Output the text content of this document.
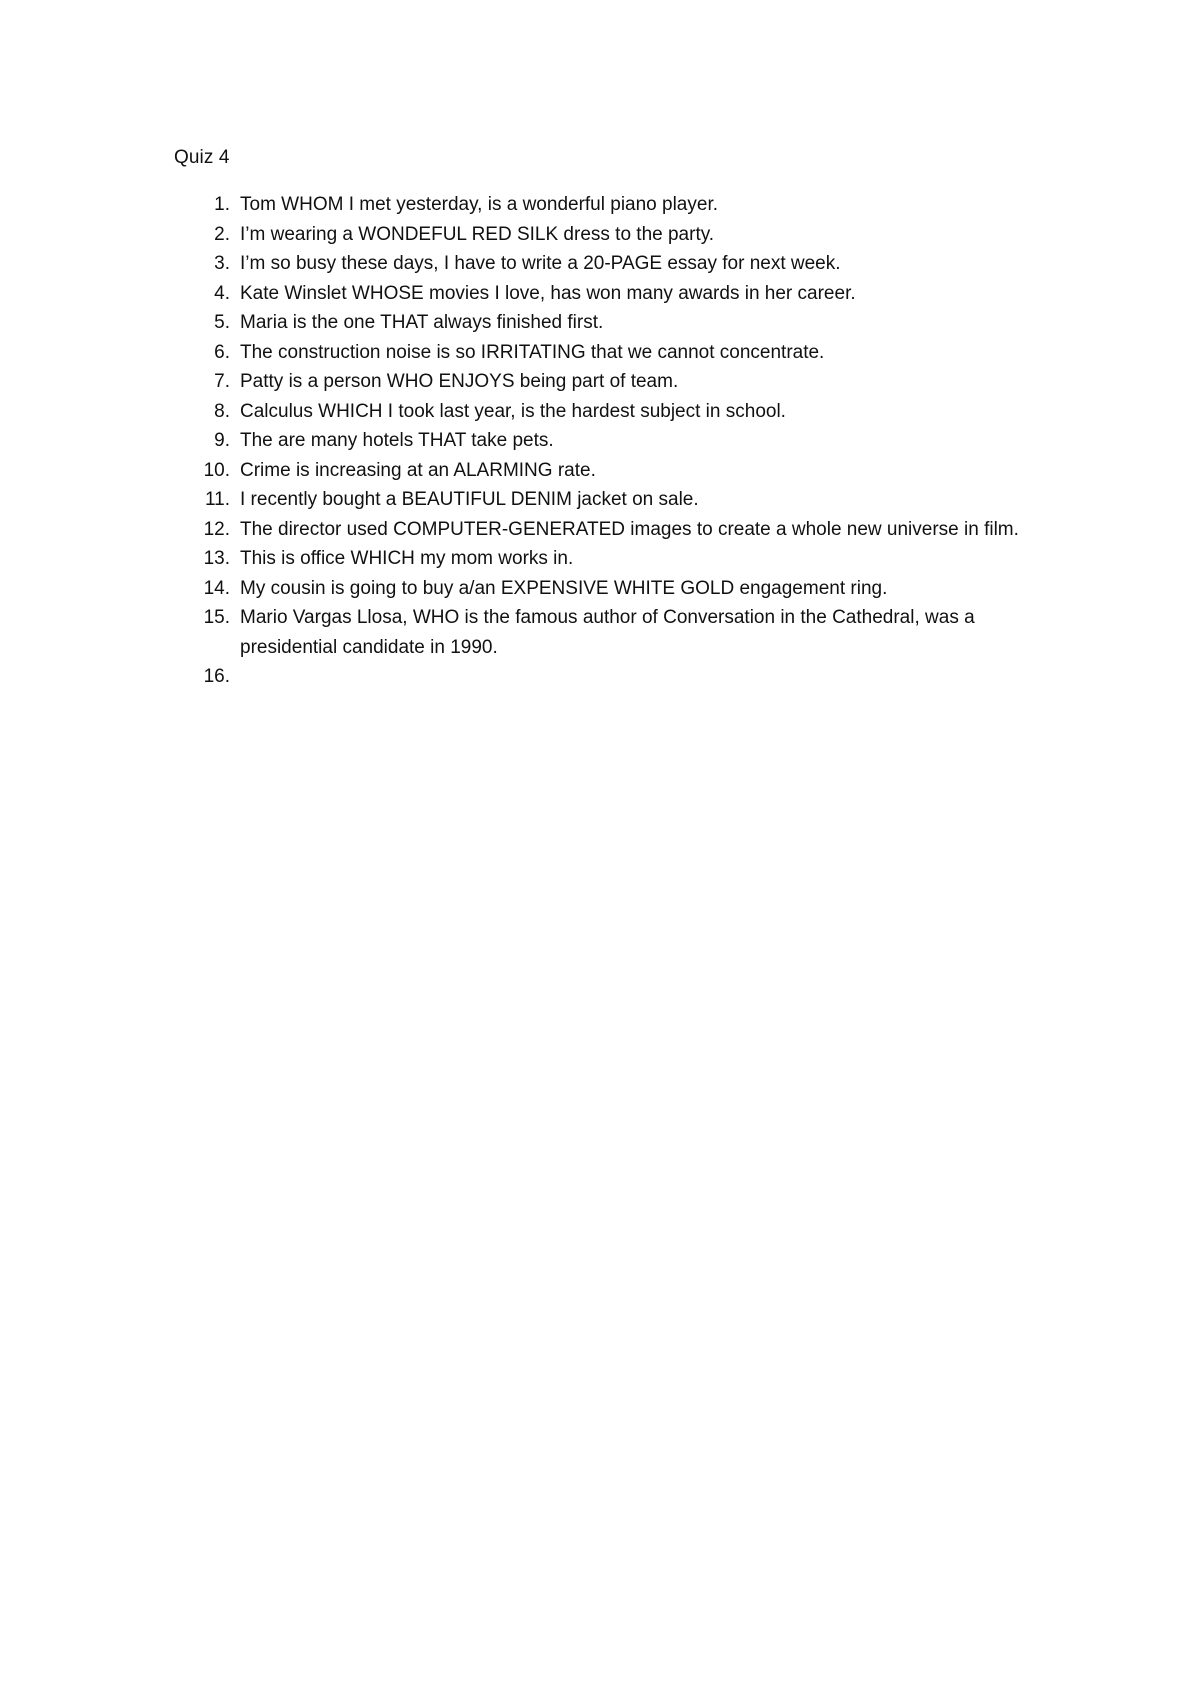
Quiz 4
1. Tom WHOM I met yesterday, is a wonderful piano player.
2. I’m wearing a WONDEFUL RED SILK dress to the party.
3. I’m so busy these days, I have to write a 20-PAGE essay for next week.
4. Kate Winslet WHOSE movies I love, has won many awards in her career.
5. Maria is the one THAT always finished first.
6. The construction noise is so IRRITATING that we cannot concentrate.
7. Patty is a person WHO ENJOYS being part of team.
8. Calculus WHICH I took last year, is the hardest subject in school.
9. The are many hotels THAT take pets.
10. Crime is increasing at an ALARMING rate.
11. I recently bought a BEAUTIFUL DENIM jacket on sale.
12. The director used COMPUTER-GENERATED images to create a whole new universe in film.
13. This is office WHICH my mom works in.
14. My cousin is going to buy a/an EXPENSIVE WHITE GOLD engagement ring.
15. Mario Vargas Llosa, WHO is the famous author of Conversation in the Cathedral, was a presidential candidate in 1990.
16.
